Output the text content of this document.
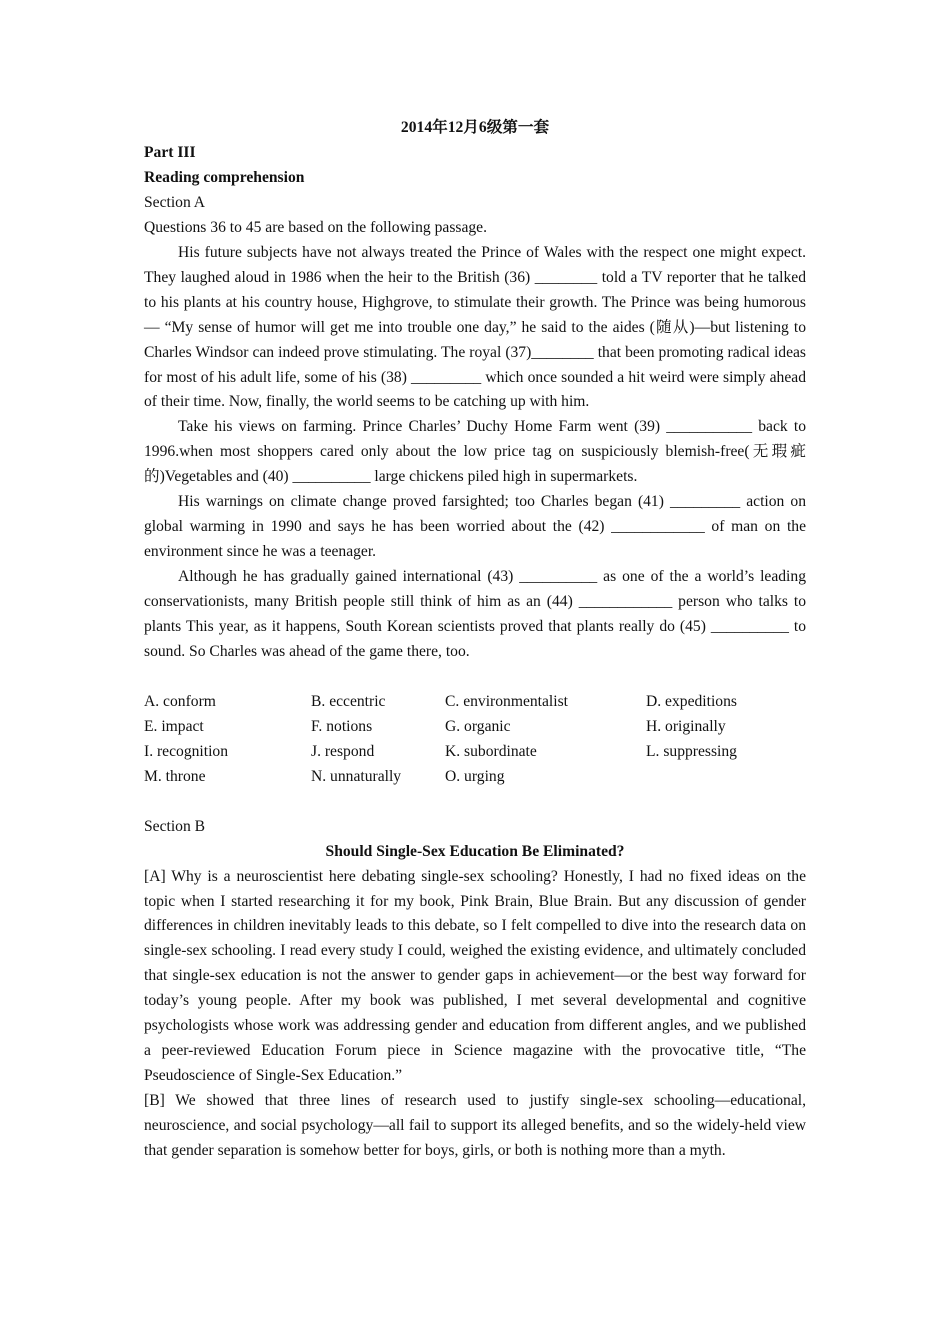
2014年12月6级第一套

Part III

Reading comprehension

Section A

Questions 36 to 45 are based on the following passage.

His future subjects have not always treated the Prince of Wales with the respect one might expect. They laughed aloud in 1986 when the heir to the British (36) ________ told a TV reporter that he talked to his plants at his country house, Highgrove, to stimulate their growth. The Prince was being humorous— “My sense of humor will get me into trouble one day,” he said to the aides (随从)—but listening to Charles Windsor can indeed prove stimulating. The royal (37)________ that been promoting radical ideas for most of his adult life, some of his (38) _________ which once sounded a hit weird were simply ahead of their time. Now, finally, the world seems to be catching up with him.

Take his views on farming. Prince Charles’ Duchy Home Farm went (39) ___________ back to 1996.when most shoppers cared only about the low price tag on suspiciously blemish-free(无瑕疵的)Vegetables and (40) __________ large chickens piled high in supermarkets.

His warnings on climate change proved farsighted; too Charles began (41) _________ action on global warming in 1990 and says he has been worried about the (42) ____________ of man on the environment since he was a teenager.

Although he has gradually gained international (43) __________ as one of the a world’s leading conservationists, many British people still think of him as an (44) ____________ person who talks to plants This year, as it happens, South Korean scientists proved that plants really do (45) __________ to sound. So Charles was ahead of the game there, too.

A. conform	B. eccentric	C. environmentalist	D. expeditions
E. impact	F. notions	G. organic	H. originally
I. recognition	J. respond	K. subordinate	L. suppressing
M. throne	N. unnaturally	O. urging

Section B

Should Single-Sex Education Be Eliminated?

[A] Why is a neuroscientist here debating single-sex schooling? Honestly, I had no fixed ideas on the topic when I started researching it for my book, Pink Brain, Blue Brain. But any discussion of gender differences in children inevitably leads to this debate, so I felt compelled to dive into the research data on single-sex schooling. I read every study I could, weighed the existing evidence, and ultimately concluded that single-sex education is not the answer to gender gaps in achievement—or the best way forward for today’s young people. After my book was published, I met several developmental and cognitive psychologists whose work was addressing gender and education from different angles, and we published a peer-reviewed Education Forum piece in Science magazine with the provocative title, “The Pseudoscience of Single-Sex Education.”

[B] We showed that three lines of research used to justify single-sex schooling—educational, neuroscience, and social psychology—all fail to support its alleged benefits, and so the widely-held view that gender separation is somehow better for boys, girls, or both is nothing more than a myth.
